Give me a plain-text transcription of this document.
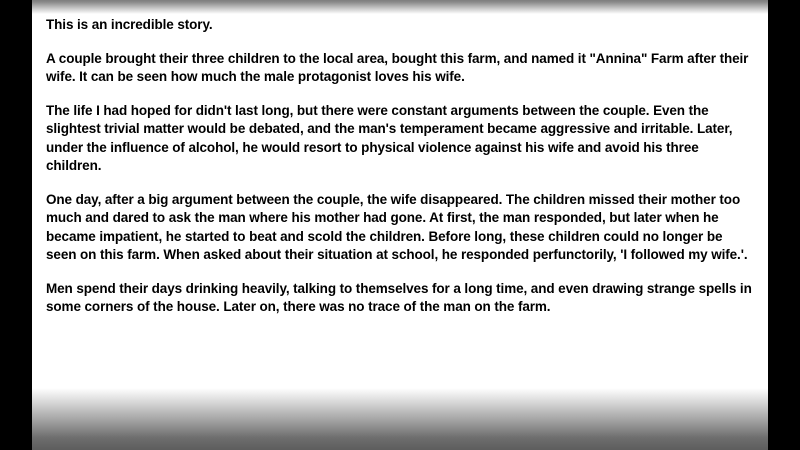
This is an incredible story.

A couple brought their three children to the local area, bought this farm, and named it "Annina" Farm after their wife. It can be seen how much the male protagonist loves his wife.

The life I had hoped for didn't last long, but there were constant arguments between the couple. Even the slightest trivial matter would be debated, and the man's temperament became aggressive and irritable. Later, under the influence of alcohol, he would resort to physical violence against his wife and avoid his three children.

One day, after a big argument between the couple, the wife disappeared. The children missed their mother too much and dared to ask the man where his mother had gone. At first, the man responded, but later when he became impatient, he started to beat and scold the children. Before long, these children could no longer be seen on this farm. When asked about their situation at school, he responded perfunctorily, 'I followed my wife.'.

Men spend their days drinking heavily, talking to themselves for a long time, and even drawing strange spells in some corners of the house. Later on, there was no trace of the man on the farm.
